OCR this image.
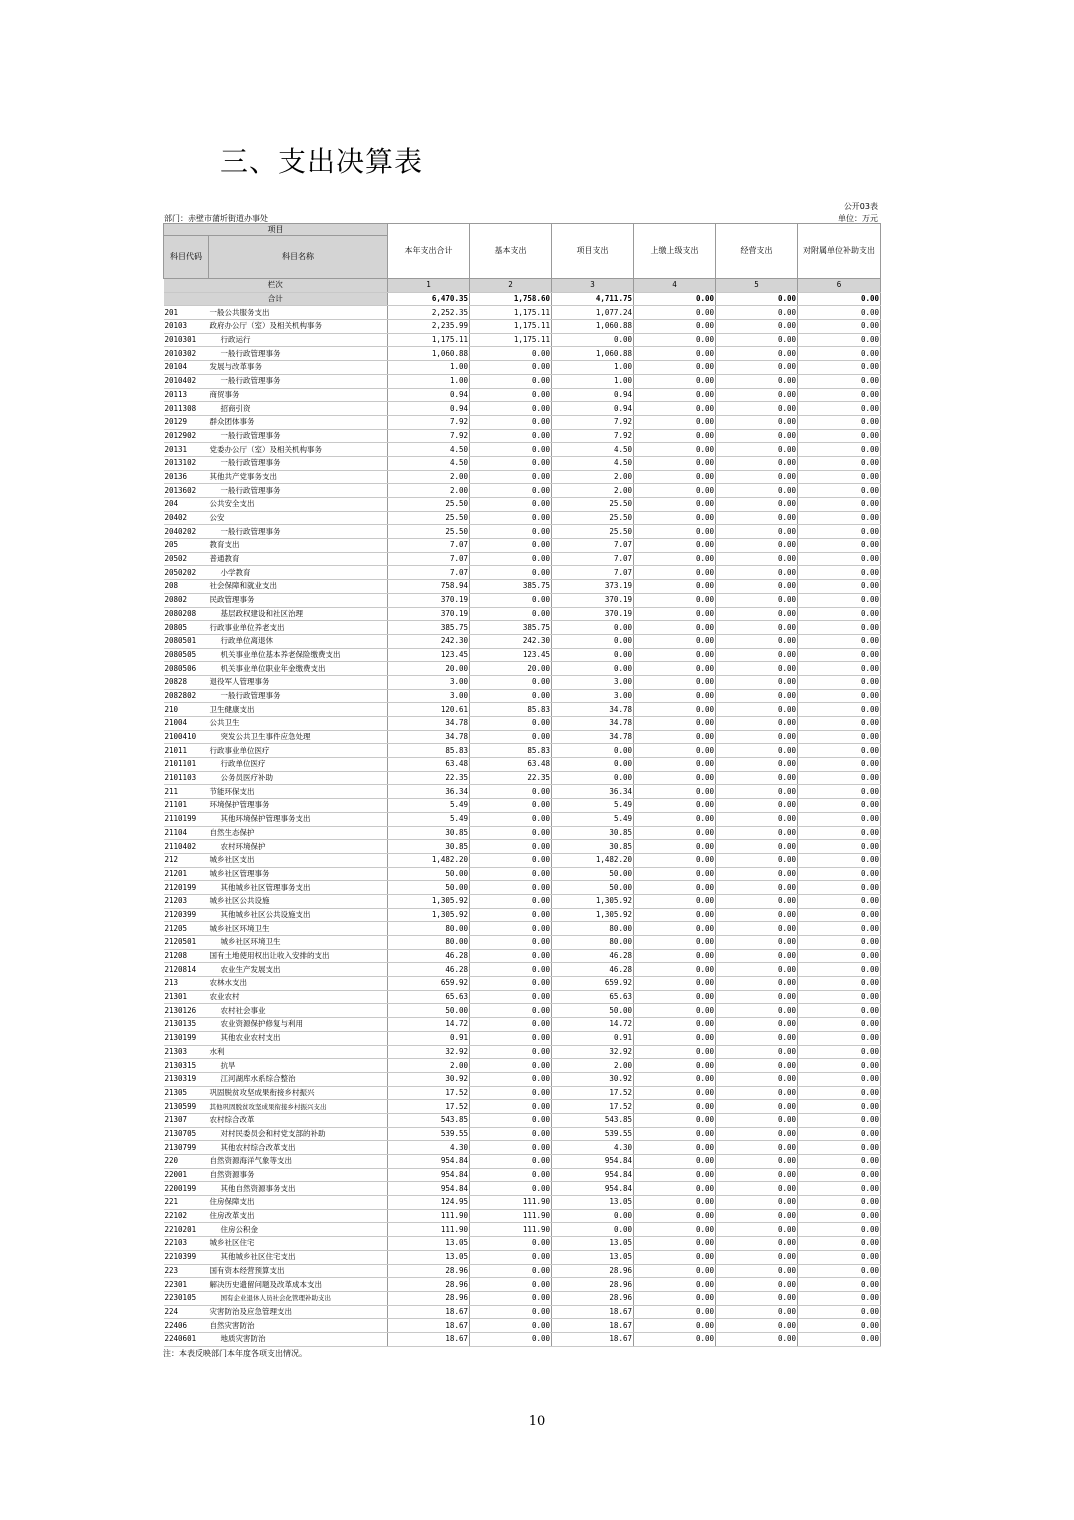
三、支出决算表
公开03表
部门：赤壁市蒲圻街道办事处	单位：万元
项目		本年支出合计	基本支出	项目支出	上缴上级支出	经营支出	对附属单位补助支出
科目代码	科目名称						
栏次		1	2	3	4	5	6
合计		6,470.35	1,758.60	4,711.75	0.00	0.00	0.00
201	一般公共服务支出	2,252.35	1,175.11	1,077.24	0.00	0.00	0.00
20103	政府办公厅（室）及相关机构事务	2,235.99	1,175.11	1,060.88	0.00	0.00	0.00
2010301	行政运行	1,175.11	1,175.11	0.00	0.00	0.00	0.00
2010302	一般行政管理事务	1,060.88	0.00	1,060.88	0.00	0.00	0.00
20104	发展与改革事务	1.00	0.00	1.00	0.00	0.00	0.00
2010402	一般行政管理事务	1.00	0.00	1.00	0.00	0.00	0.00
20113	商贸事务	0.94	0.00	0.94	0.00	0.00	0.00
2011308	招商引资	0.94	0.00	0.94	0.00	0.00	0.00
20129	群众团体事务	7.92	0.00	7.92	0.00	0.00	0.00
2012902	一般行政管理事务	7.92	0.00	7.92	0.00	0.00	0.00
20131	党委办公厅（室）及相关机构事务	4.50	0.00	4.50	0.00	0.00	0.00
2013102	一般行政管理事务	4.50	0.00	4.50	0.00	0.00	0.00
20136	其他共产党事务支出	2.00	0.00	2.00	0.00	0.00	0.00
2013602	一般行政管理事务	2.00	0.00	2.00	0.00	0.00	0.00
204	公共安全支出	25.50	0.00	25.50	0.00	0.00	0.00
20402	公安	25.50	0.00	25.50	0.00	0.00	0.00
2040202	一般行政管理事务	25.50	0.00	25.50	0.00	0.00	0.00
205	教育支出	7.07	0.00	7.07	0.00	0.00	0.00
20502	普通教育	7.07	0.00	7.07	0.00	0.00	0.00
2050202	小学教育	7.07	0.00	7.07	0.00	0.00	0.00
208	社会保障和就业支出	758.94	385.75	373.19	0.00	0.00	0.00
20802	民政管理事务	370.19	0.00	370.19	0.00	0.00	0.00
2080208	基层政权建设和社区治理	370.19	0.00	370.19	0.00	0.00	0.00
20805	行政事业单位养老支出	385.75	385.75	0.00	0.00	0.00	0.00
2080501	行政单位离退休	242.30	242.30	0.00	0.00	0.00	0.00
2080505	机关事业单位基本养老保险缴费支出	123.45	123.45	0.00	0.00	0.00	0.00
2080506	机关事业单位职业年金缴费支出	20.00	20.00	0.00	0.00	0.00	0.00
20828	退役军人管理事务	3.00	0.00	3.00	0.00	0.00	0.00
2082802	一般行政管理事务	3.00	0.00	3.00	0.00	0.00	0.00
210	卫生健康支出	120.61	85.83	34.78	0.00	0.00	0.00
21004	公共卫生	34.78	0.00	34.78	0.00	0.00	0.00
2100410	突发公共卫生事件应急处理	34.78	0.00	34.78	0.00	0.00	0.00
21011	行政事业单位医疗	85.83	85.83	0.00	0.00	0.00	0.00
2101101	行政单位医疗	63.48	63.48	0.00	0.00	0.00	0.00
2101103	公务员医疗补助	22.35	22.35	0.00	0.00	0.00	0.00
211	节能环保支出	36.34	0.00	36.34	0.00	0.00	0.00
21101	环境保护管理事务	5.49	0.00	5.49	0.00	0.00	0.00
2110199	其他环境保护管理事务支出	5.49	0.00	5.49	0.00	0.00	0.00
21104	自然生态保护	30.85	0.00	30.85	0.00	0.00	0.00
2110402	农村环境保护	30.85	0.00	30.85	0.00	0.00	0.00
212	城乡社区支出	1,482.20	0.00	1,482.20	0.00	0.00	0.00
21201	城乡社区管理事务	50.00	0.00	50.00	0.00	0.00	0.00
2120199	其他城乡社区管理事务支出	50.00	0.00	50.00	0.00	0.00	0.00
21203	城乡社区公共设施	1,305.92	0.00	1,305.92	0.00	0.00	0.00
2120399	其他城乡社区公共设施支出	1,305.92	0.00	1,305.92	0.00	0.00	0.00
21205	城乡社区环境卫生	80.00	0.00	80.00	0.00	0.00	0.00
2120501	城乡社区环境卫生	80.00	0.00	80.00	0.00	0.00	0.00
21208	国有土地使用权出让收入安排的支出	46.28	0.00	46.28	0.00	0.00	0.00
2120814	农业生产发展支出	46.28	0.00	46.28	0.00	0.00	0.00
213	农林水支出	659.92	0.00	659.92	0.00	0.00	0.00
21301	农业农村	65.63	0.00	65.63	0.00	0.00	0.00
2130126	农村社会事业	50.00	0.00	50.00	0.00	0.00	0.00
2130135	农业资源保护修复与利用	14.72	0.00	14.72	0.00	0.00	0.00
2130199	其他农业农村支出	0.91	0.00	0.91	0.00	0.00	0.00
21303	水利	32.92	0.00	32.92	0.00	0.00	0.00
2130315	抗旱	2.00	0.00	2.00	0.00	0.00	0.00
2130319	江河湖库水系综合整治	30.92	0.00	30.92	0.00	0.00	0.00
21305	巩固脱贫攻坚成果衔接乡村振兴	17.52	0.00	17.52	0.00	0.00	0.00
2130599	其他巩固脱贫攻坚成果衔接乡村振兴支出	17.52	0.00	17.52	0.00	0.00	0.00
21307	农村综合改革	543.85	0.00	543.85	0.00	0.00	0.00
2130705	对村民委员会和村党支部的补助	539.55	0.00	539.55	0.00	0.00	0.00
2130799	其他农村综合改革支出	4.30	0.00	4.30	0.00	0.00	0.00
220	自然资源海洋气象等支出	954.84	0.00	954.84	0.00	0.00	0.00
22001	自然资源事务	954.84	0.00	954.84	0.00	0.00	0.00
2200199	其他自然资源事务支出	954.84	0.00	954.84	0.00	0.00	0.00
221	住房保障支出	124.95	111.90	13.05	0.00	0.00	0.00
22102	住房改革支出	111.90	111.90	0.00	0.00	0.00	0.00
2210201	住房公积金	111.90	111.90	0.00	0.00	0.00	0.00
22103	城乡社区住宅	13.05	0.00	13.05	0.00	0.00	0.00
2210399	其他城乡社区住宅支出	13.05	0.00	13.05	0.00	0.00	0.00
223	国有资本经营预算支出	28.96	0.00	28.96	0.00	0.00	0.00
22301	解决历史遗留问题及改革成本支出	28.96	0.00	28.96	0.00	0.00	0.00
2230105	国有企业退休人员社会化管理补助支出	28.96	0.00	28.96	0.00	0.00	0.00
224	灾害防治及应急管理支出	18.67	0.00	18.67	0.00	0.00	0.00
22406	自然灾害防治	18.67	0.00	18.67	0.00	0.00	0.00
2240601	地质灾害防治	18.67	0.00	18.67	0.00	0.00	0.00
注：本表反映部门本年度各项支出情况。
10
